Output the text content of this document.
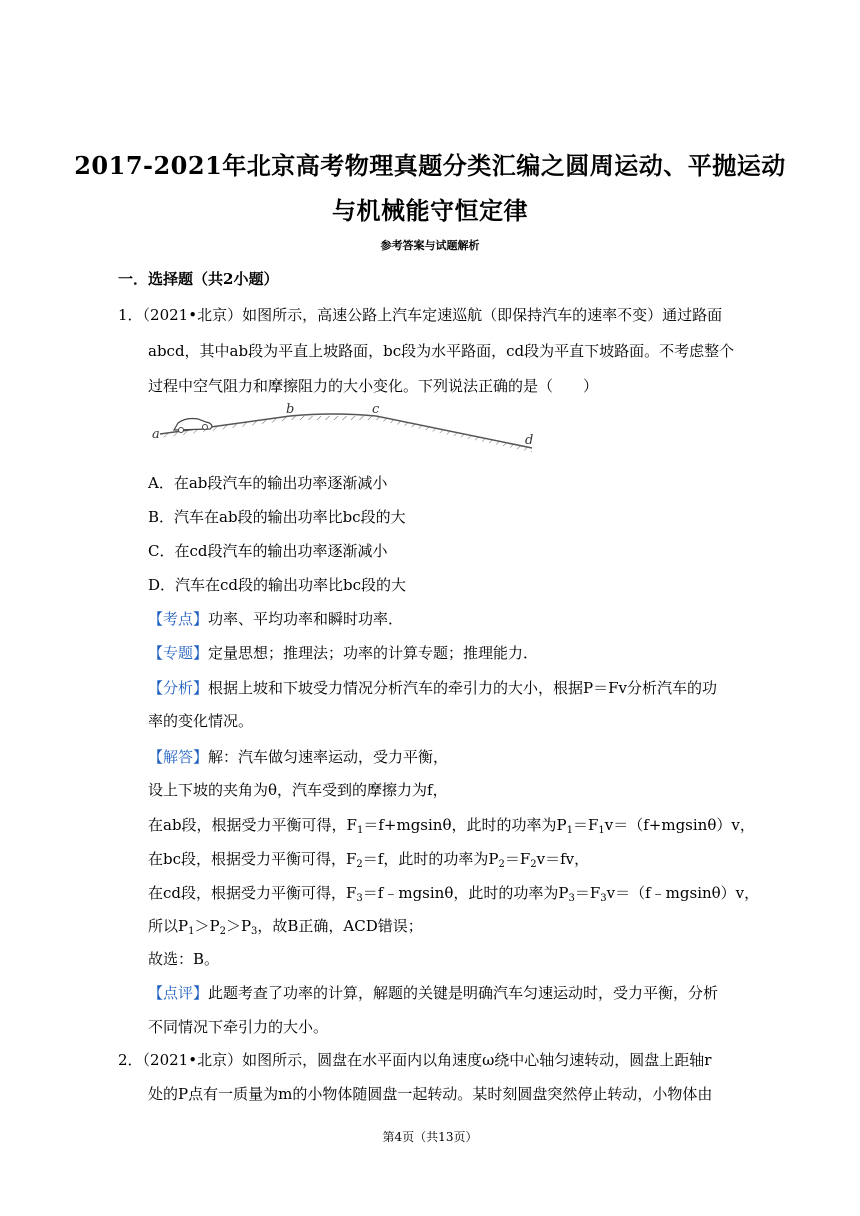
2017-2021年北京高考物理真题分类汇编之圆周运动、平抛运动
与机械能守恒定律
参考答案与试题解析
一．选择题（共2小题）
1．（2021•北京）如图所示，高速公路上汽车定速巡航（即保持汽车的速率不变）通过路面
abcd，其中ab段为平直上坡路面，bc段为水平路面，cd段为平直下坡路面。不考虑整个
过程中空气阻力和摩擦阻力的大小变化。下列说法正确的是（　　）
a
b	c
d
A．在ab段汽车的输出功率逐渐减小
B．汽车在ab段的输出功率比bc段的大
C．在cd段汽车的输出功率逐渐减小
D．汽车在cd段的输出功率比bc段的大
【考点】功率、平均功率和瞬时功率．
【专题】定量思想；推理法；功率的计算专题；推理能力．
【分析】根据上坡和下坡受力情况分析汽车的牵引力的大小，根据P＝Fv分析汽车的功
率的变化情况。
【解答】解：汽车做匀速率运动，受力平衡，
设上下坡的夹角为θ，汽车受到的摩擦力为f，
在ab段，根据受力平衡可得，$F_1=f+mgsin\theta$，此时的功率为$P_1=F_1v=(f+mgsin\theta)v$，
在bc段，根据受力平衡可得，$F_2=f$，此时的功率为$P_2=F_2v=fv$，
在cd段，根据受力平衡可得，$F_3=f﹣mgsin\theta$，此时的功率为$P_3=F_3v=(f﹣mgsin\theta)v$，
所以$P_1>P_2>P_3$，故B正确，ACD错误；
故选：B。
【点评】此题考查了功率的计算，解题的关键是明确汽车匀速运动时，受力平衡，分析
不同情况下牵引力的大小。
2．（2021•北京）如图所示，圆盘在水平面内以角速度ω绕中心轴匀速转动，圆盘上距轴r
处的P点有一质量为m的小物体随圆盘一起转动。某时刻圆盘突然停止转动，小物体由
第4页（共13页）
